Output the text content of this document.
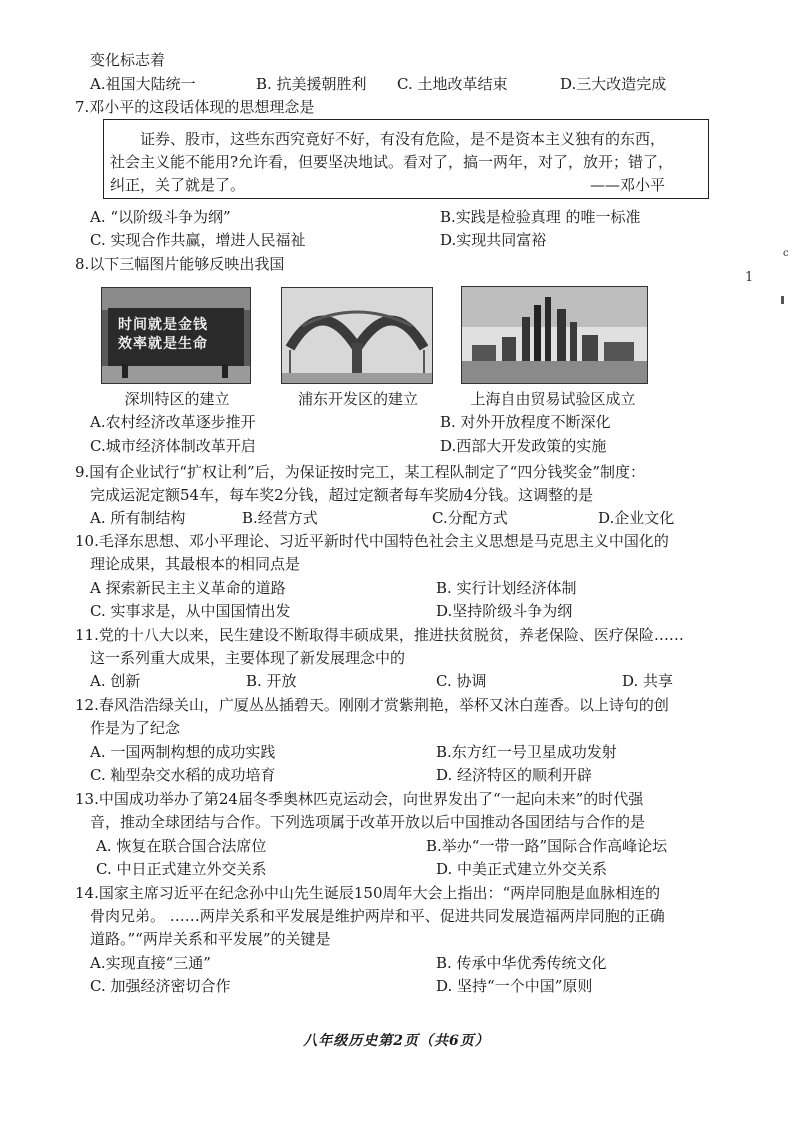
变化标志着
A.祖国大陆统一	B. 抗美援朝胜利 C. 土地改革结束	D.三大改造完成
7.邓小平的这段话体现的思想理念是
证券、股市，这些东西究竟好不好，有没有危险，是不是资本主义独有的东西，
社会主义能不能用?允许看，但要坚决地试。看对了，搞一两年，对了，放开；错了，
纠正，关了就是了。	——邓小平
A. “以阶级斗争为纲”	B.实践是检验真理 的唯一标准
C. 实现合作共赢，增进人民福祉	D.实现共同富裕
8.以下三幅图片能够反映出我国
时间就是金钱
效率就是生命
深圳特区的建立	浦东开发区的建立	上海自由贸易试验区成立
A.农村经济改革逐步推开	B. 对外开放程度不断深化
C.城市经济体制改革开启	D.西部大开发政策的实施
9.国有企业试行“扩权让利”后，为保证按时完工，某工程队制定了“四分钱奖金”制度：
完成运泥定额54车，每车奖2分钱，超过定额者每车奖励4分钱。这调整的是
A. 所有制结构	B.经营方式	C.分配方式	D.企业文化
10.毛泽东思想、邓小平理论、习近平新时代中国特色社会主义思想是马克思主义中国化的
理论成果，其最根本的相同点是
A 探索新民主主义革命的道路	B. 实行计划经济体制
C. 实事求是，从中国国情出发	D.坚持阶级斗争为纲
11.党的十八大以来，民生建设不断取得丰硕成果，推进扶贫脱贫，养老保险、医疗保险……
这一系列重大成果，主要体现了新发展理念中的
A. 创新	B. 开放	C. 协调	D. 共享
12.春风浩浩绿关山，广厦丛丛插碧天。刚刚才赏紫荆艳，举杯又沐白莲香。以上诗句的创
作是为了纪念
A. 一国两制构想的成功实践	B.东方红一号卫星成功发射
C. 籼型杂交水稻的成功培育	D. 经济特区的顺利开辟
13.中国成功举办了第24届冬季奥林匹克运动会，向世界发出了“一起向未来”的时代强
音，推动全球团结与合作。下列选项属于改革开放以后中国推动各国团结与合作的是
A. 恢复在联合国合法席位	B.举办“一带一路”国际合作高峰论坛
C. 中日正式建立外交关系	D. 中美正式建立外交关系
14.国家主席习近平在纪念孙中山先生诞辰150周年大会上指出：“两岸同胞是血脉相连的
骨肉兄弟。 ……两岸关系和平发展是维护两岸和平、促进共同发展造福两岸同胞的正确
道路。”“两岸关系和平发展”的关键是
A.实现直接“三通”	B. 传承中华优秀传统文化
C. 加强经济密切合作	D. 坚持“一个中国”原则
八年级历史第2页（共6页）
c
1
